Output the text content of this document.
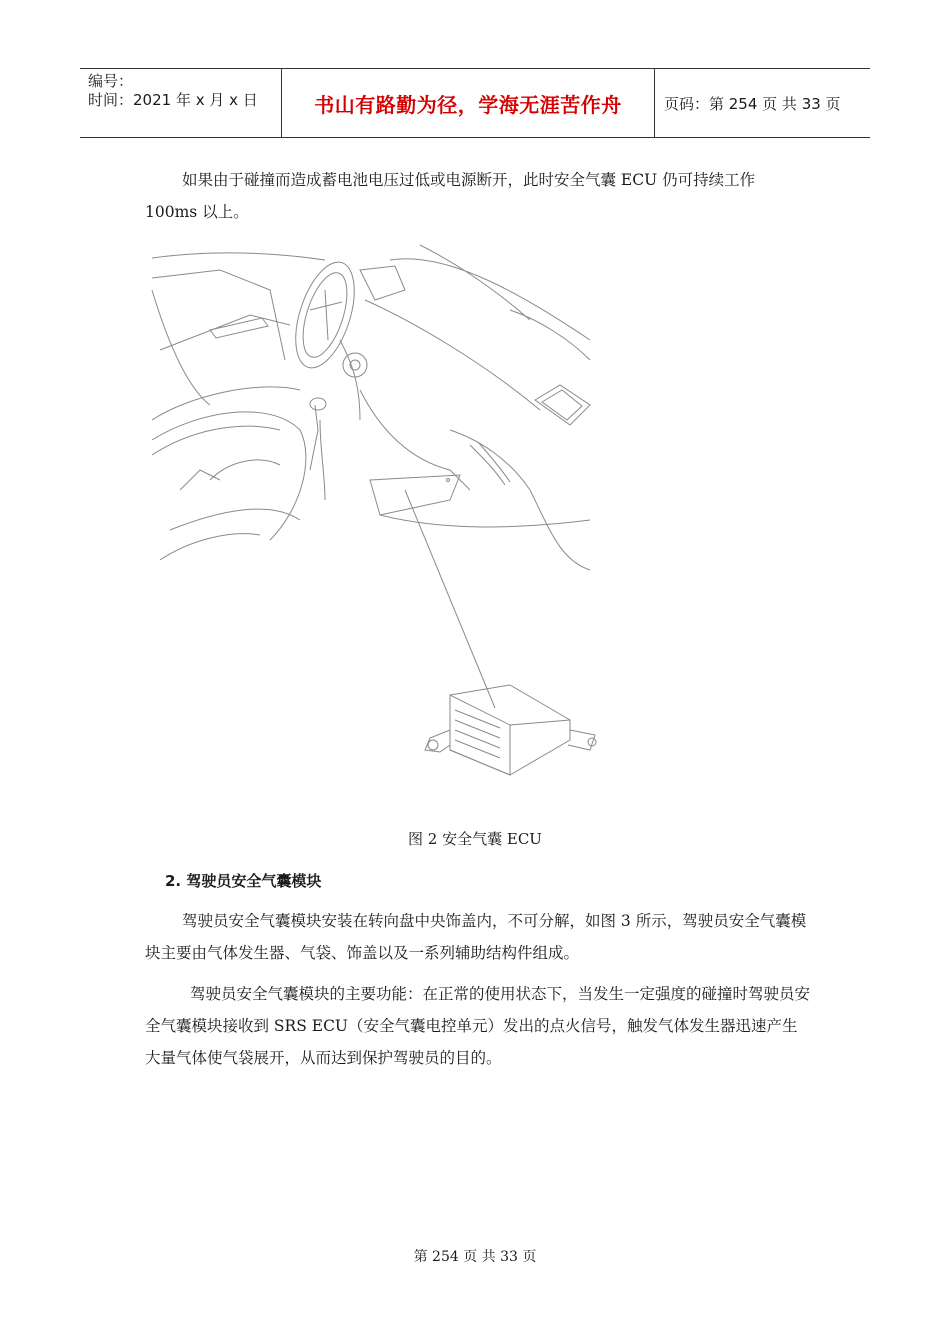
编号：
时间：2021 年 x 月 x 日	书山有路勤为径，学海无涯苦作舟	页码：第 254 页 共 33 页
如果由于碰撞而造成蓄电池电压过低或电源断开，此时安全气囊 ECU 仍可持续工作 100ms 以上。
图 2 安全气囊 ECU
2. 驾驶员安全气囊模块
驾驶员安全气囊模块安装在转向盘中央饰盖内，不可分解，如图 3 所示，驾驶员安全气囊模块主要由气体发生器、气袋、饰盖以及一系列辅助结构件组成。
驾驶员安全气囊模块的主要功能：在正常的使用状态下，当发生一定强度的碰撞时驾驶员安全气囊模块接收到 SRS ECU（安全气囊电控单元）发出的点火信号，触发气体发生器迅速产生大量气体使气袋展开，从而达到保护驾驶员的目的。
第 254 页 共 33 页
